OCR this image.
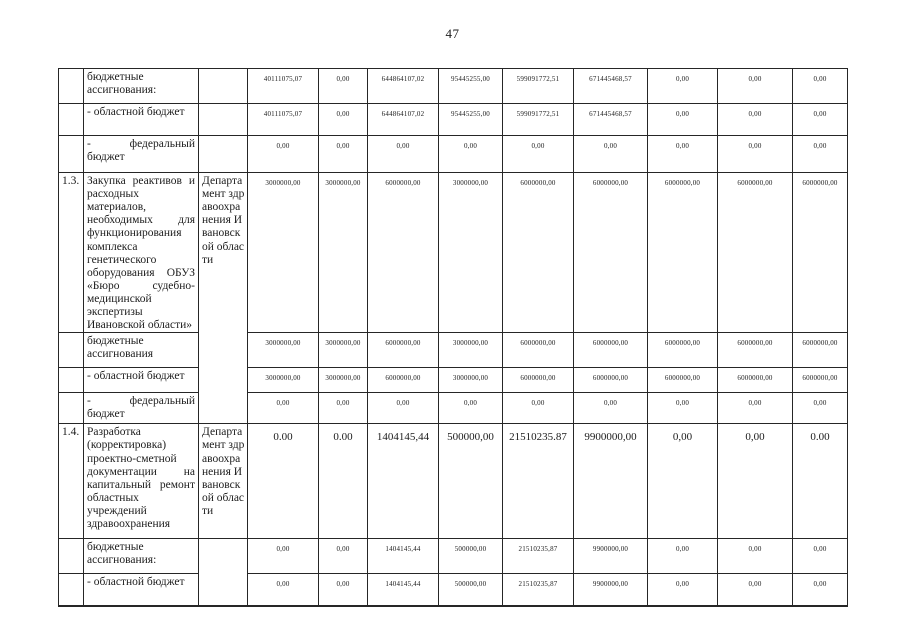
47
	бюджетные ассигнования:		40111075,07	0,00	644864107,02	95445255,00	599091772,51	671445468,57	0,00	0,00	0,00
	- областной бюджет		40111075,07	0,00	644864107,02	95445255,00	599091772,51	671445468,57	0,00	0,00	0,00
	- федеральный бюджет		0,00	0,00	0,00	0,00	0,00	0,00	0,00	0,00	0,00
1.3.	Закупка реактивов и расходных материалов, необходимых для функционирования комплекса генетического оборудования ОБУЗ «Бюро судебно-медицинской экспертизы Ивановской области»	Департамент здравоохранения Ивановской области	3000000,00	3000000,00	6000000,00	3000000,00	6000000,00	6000000,00	6000000,00	6000000,00	6000000,00
	бюджетные ассигнования		3000000,00	3000000,00	6000000,00	3000000,00	6000000,00	6000000,00	6000000,00	6000000,00	6000000,00
	- областной бюджет		3000000,00	3000000,00	6000000,00	3000000,00	6000000,00	6000000,00	6000000,00	6000000,00	6000000,00
	- федеральный бюджет		0,00	0,00	0,00	0,00	0,00	0,00	0,00	0,00	0,00
1.4.	Разработка (корректировка) проектно-сметной документации на капитальный ремонт областных учреждений здравоохранения	Департамент здравоохранения Ивановской области	0.00	0.00	1404145,44	500000,00	21510235.87	9900000,00	0,00	0,00	0.00
	бюджетные ассигнования:		0,00	0,00	1404145,44	500000,00	21510235,87	9900000,00	0,00	0,00	0,00
	- областной бюджет		0,00	0,00	1404145,44	500000,00	21510235,87	9900000,00	0,00	0,00	0,00
